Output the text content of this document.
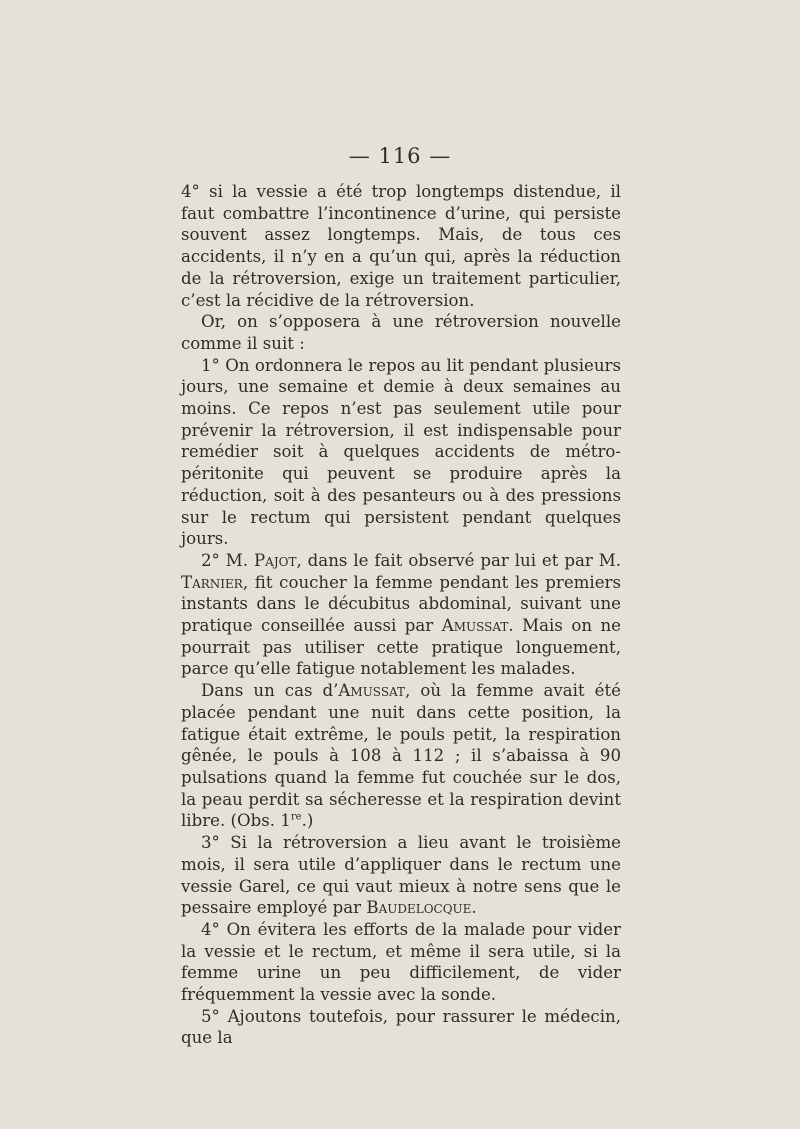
— 116 —

4° si la vessie a été trop longtemps distendue, il faut combattre l’incontinence d’urine, qui persiste souvent assez longtemps. Mais, de tous ces accidents, il n’y en a qu’un qui, après la réduction de la rétroversion, exige un traitement particulier, c’est la récidive de la rétroversion.

Or, on s’opposera à une rétroversion nouvelle comme il suit :

1° On ordonnera le repos au lit pendant plusieurs jours, une semaine et demie à deux semaines au moins. Ce repos n’est pas seulement utile pour prévenir la rétroversion, il est indispensable pour remédier soit à quelques accidents de métro-péritonite qui peuvent se produire après la réduction, soit à des pesanteurs ou à des pressions sur le rectum qui persistent pendant quelques jours.

2° M. Pajot, dans le fait observé par lui et par M. Tarnier, fit coucher la femme pendant les premiers instants dans le décubitus abdominal, suivant une pratique conseillée aussi par Amussat. Mais on ne pourrait pas utiliser cette pratique longuement, parce qu’elle fatigue notablement les malades.

Dans un cas d’Amussat, où la femme avait été placée pendant une nuit dans cette position, la fatigue était extrême, le pouls petit, la respiration gênée, le pouls à 108 à 112 ; il s’abaissa à 90 pulsations quand la femme fut couchée sur le dos, la peau perdit sa sécheresse et la respiration devint libre. (Obs. 1re.)

3° Si la rétroversion a lieu avant le troisième mois, il sera utile d’appliquer dans le rectum une vessie Garel, ce qui vaut mieux à notre sens que le pessaire employé par Baudelocque.

4° On évitera les efforts de la malade pour vider la vessie et le rectum, et même il sera utile, si la femme urine un peu difficilement, de vider fréquemment la vessie avec la sonde.

5° Ajoutons toutefois, pour rassurer le médecin, que la
